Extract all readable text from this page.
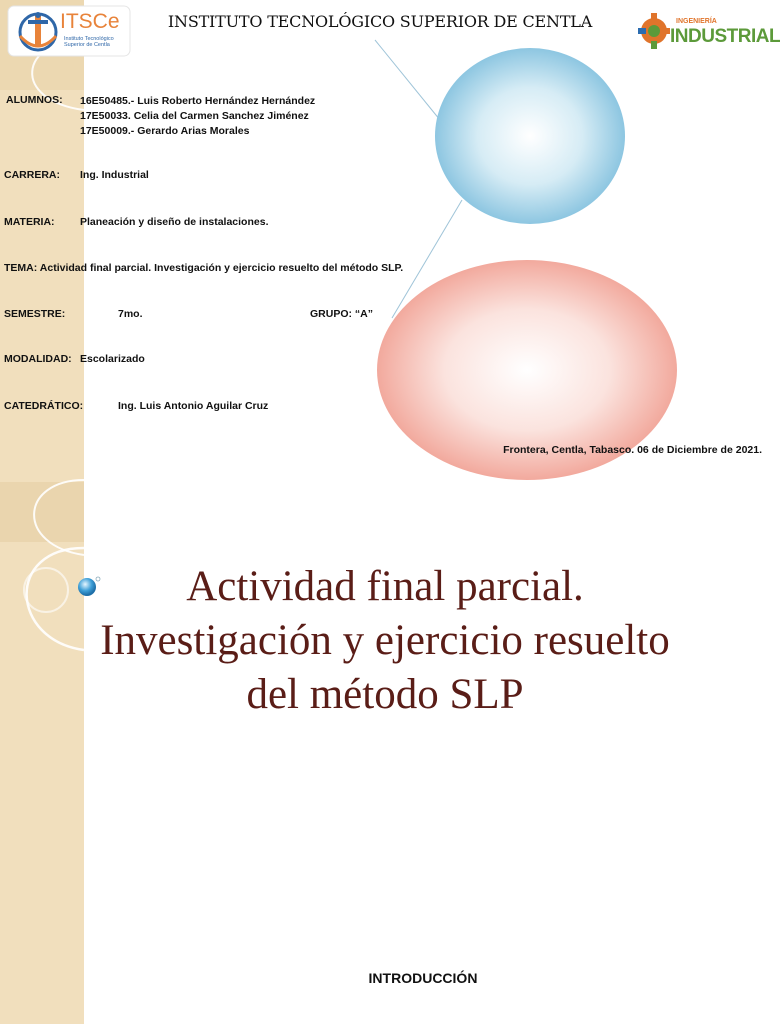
ITSCe
Instituto Tecnológico Superior de Centla
INSTITUTO TECNOLÓGICO SUPERIOR DE CENTLA	INGENIERÍA
INDUSTRIAL
ALUMNOS: 16E50485.- Luis Roberto Hernández Hernández
17E50033. Celia del Carmen Sanchez Jiménez
17E50009.- Gerardo Arias Morales
CARRERA: Ing. Industrial
MATERIA: Planeación y diseño de instalaciones.
TEMA: Actividad final parcial. Investigación y ejercicio resuelto del método SLP.
SEMESTRE:	7mo.	GRUPO: “A”
MODALIDAD: Escolarizado
CATEDRÁTICO:	Ing. Luis Antonio Aguilar Cruz
Frontera, Centla, Tabasco. 06 de Diciembre de 2021.
Actividad final parcial.
Investigación y ejercicio resuelto
del método SLP
INTRODUCCIÓN
